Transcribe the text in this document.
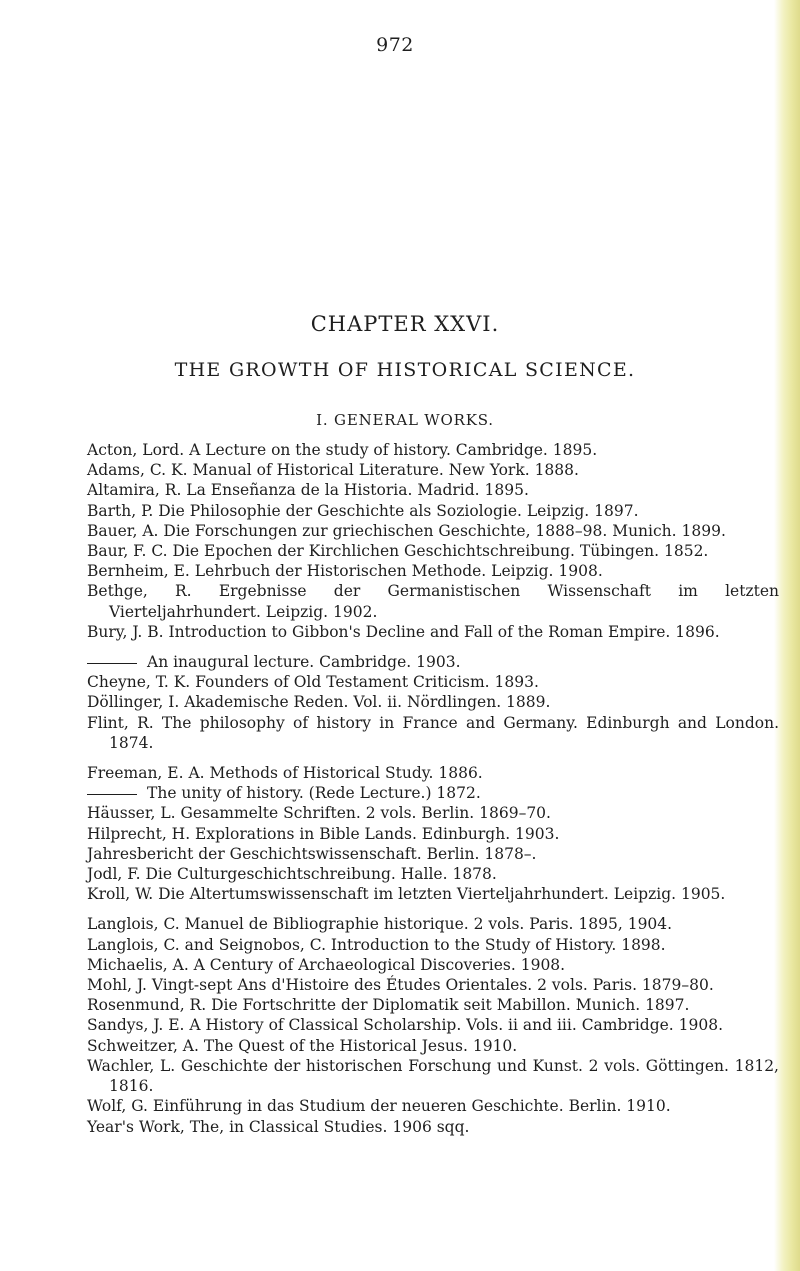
972
CHAPTER XXVI.
THE GROWTH OF HISTORICAL SCIENCE.
I. GENERAL WORKS.
Acton, Lord. A Lecture on the study of history. Cambridge. 1895.
Adams, C. K. Manual of Historical Literature. New York. 1888.
Altamira, R. La Enseñanza de la Historia. Madrid. 1895.
Barth, P. Die Philosophie der Geschichte als Soziologie. Leipzig. 1897.
Bauer, A. Die Forschungen zur griechischen Geschichte, 1888–98. Munich. 1899.
Baur, F. C. Die Epochen der Kirchlichen Geschichtschreibung. Tübingen. 1852.
Bernheim, E. Lehrbuch der Historischen Methode. Leipzig. 1908.
Bethge, R. Ergebnisse der Germanistischen Wissenschaft im letzten Vierteljahrhundert. Leipzig. 1902.
Bury, J. B. Introduction to Gibbon's Decline and Fall of the Roman Empire. 1896.
An inaugural lecture. Cambridge. 1903.
Cheyne, T. K. Founders of Old Testament Criticism. 1893.
Döllinger, I. Akademische Reden. Vol. ii. Nördlingen. 1889.
Flint, R. The philosophy of history in France and Germany. Edinburgh and London. 1874.
Freeman, E. A. Methods of Historical Study. 1886.
The unity of history. (Rede Lecture.) 1872.
Häusser, L. Gesammelte Schriften. 2 vols. Berlin. 1869–70.
Hilprecht, H. Explorations in Bible Lands. Edinburgh. 1903.
Jahresbericht der Geschichtswissenschaft. Berlin. 1878–.
Jodl, F. Die Culturgeschichtschreibung. Halle. 1878.
Kroll, W. Die Altertumswissenschaft im letzten Vierteljahrhundert. Leipzig. 1905.
Langlois, C. Manuel de Bibliographie historique. 2 vols. Paris. 1895, 1904.
Langlois, C. and Seignobos, C. Introduction to the Study of History. 1898.
Michaelis, A. A Century of Archaeological Discoveries. 1908.
Mohl, J. Vingt-sept Ans d'Histoire des Études Orientales. 2 vols. Paris. 1879–80.
Rosenmund, R. Die Fortschritte der Diplomatik seit Mabillon. Munich. 1897.
Sandys, J. E. A History of Classical Scholarship. Vols. ii and iii. Cambridge. 1908.
Schweitzer, A. The Quest of the Historical Jesus. 1910.
Wachler, L. Geschichte der historischen Forschung und Kunst. 2 vols. Göttingen. 1812, 1816.
Wolf, G. Einführung in das Studium der neueren Geschichte. Berlin. 1910.
Year's Work, The, in Classical Studies. 1906 sqq.
